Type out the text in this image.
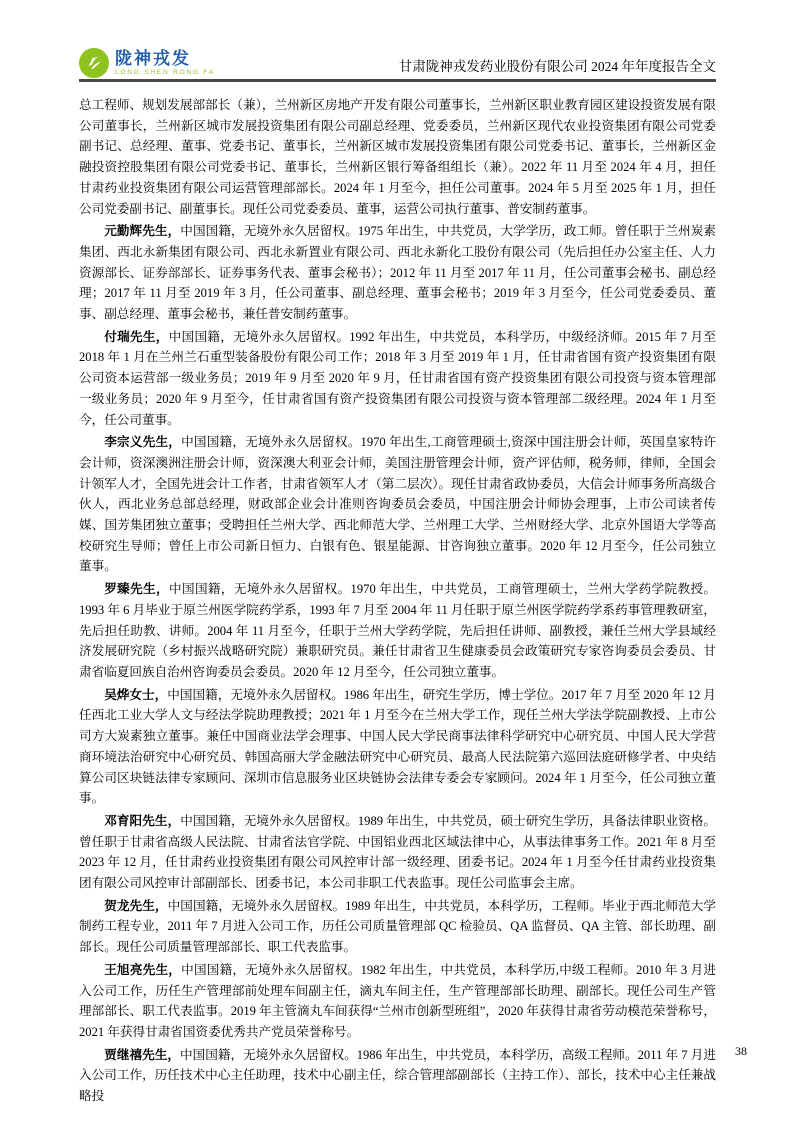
陇神戎发
LONG SHEN RONG FA	甘肃陇神戎发药业股份有限公司 2024 年年度报告全文

总工程师、规划发展部部长（兼），兰州新区房地产开发有限公司董事长，兰州新区职业教育园区建设投资发展有限公司董事长，兰州新区城市发展投资集团有限公司副总经理、党委委员，兰州新区现代农业投资集团有限公司党委副书记、总经理、董事、党委书记、董事长，兰州新区城市发展投资集团有限公司党委书记、董事长，兰州新区金融投资控股集团有限公司党委书记、董事长，兰州新区银行筹备组组长（兼）。2022 年 11 月至 2024 年 4 月，担任甘肃药业投资集团有限公司运营管理部部长。2024 年 1 月至今，担任公司董事。2024 年 5 月至 2025 年 1 月，担任公司党委副书记、副董事长。现任公司党委委员、董事，运营公司执行董事、普安制药董事。

元勤辉先生，中国国籍，无境外永久居留权。1975 年出生，中共党员，大学学历，政工师。曾任职于兰州炭素集团、西北永新集团有限公司、西北永新置业有限公司、西北永新化工股份有限公司（先后担任办公室主任、人力资源部长、证券部部长、证券事务代表、董事会秘书）；2012 年 11 月至 2017 年 11 月，任公司董事会秘书、副总经理；2017 年 11 月至 2019 年 3 月，任公司董事、副总经理、董事会秘书；2019 年 3 月至今，任公司党委委员、董事、副总经理、董事会秘书，兼任普安制药董事。

付瑞先生，中国国籍，无境外永久居留权。1992 年出生，中共党员，本科学历，中级经济师。2015 年 7 月至 2018 年 1 月在兰州兰石重型装备股份有限公司工作；2018 年 3 月至 2019 年 1 月，任甘肃省国有资产投资集团有限公司资本运营部一级业务员；2019 年 9 月至 2020 年 9 月，任甘肃省国有资产投资集团有限公司投资与资本管理部一级业务员；2020 年 9 月至今，任甘肃省国有资产投资集团有限公司投资与资本管理部二级经理。2024 年 1 月至今，任公司董事。

李宗义先生，中国国籍，无境外永久居留权。1970 年出生,工商管理硕士,资深中国注册会计师，英国皇家特许会计师，资深澳洲注册会计师，资深澳大利亚会计师，美国注册管理会计师，资产评估师，税务师，律师，全国会计领军人才，全国先进会计工作者，甘肃省领军人才（第二层次）。现任甘肃省政协委员，大信会计师事务所高级合伙人，西北业务总部总经理，财政部企业会计准则咨询委员会委员，中国注册会计师协会理事，上市公司读者传媒、国芳集团独立董事；受聘担任兰州大学、西北师范大学、兰州理工大学、兰州财经大学、北京外国语大学等高校研究生导师；曾任上市公司新日恒力、白银有色、银星能源、甘咨询独立董事。2020 年 12 月至今，任公司独立董事。

罗臻先生，中国国籍，无境外永久居留权。1970 年出生，中共党员，工商管理硕士，兰州大学药学院教授。1993 年 6 月毕业于原兰州医学院药学系，1993 年 7 月至 2004 年 11 月任职于原兰州医学院药学系药事管理教研室，先后担任助教、讲师。2004 年 11 月至今，任职于兰州大学药学院，先后担任讲师、副教授，兼任兰州大学县域经济发展研究院（乡村振兴战略研究院）兼职研究员。兼任甘肃省卫生健康委员会政策研究专家咨询委员会委员、甘肃省临夏回族自治州咨询委员会委员。2020 年 12 月至今，任公司独立董事。

吴烨女士，中国国籍，无境外永久居留权。1986 年出生，研究生学历，博士学位。2017 年 7 月至 2020 年 12 月任西北工业大学人文与经法学院助理教授；2021 年 1 月至今在兰州大学工作，现任兰州大学法学院副教授、上市公司方大炭素独立董事。兼任中国商业法学会理事、中国人民大学民商事法律科学研究中心研究员、中国人民大学营商环境法治研究中心研究员、韩国高丽大学金融法研究中心研究员、最高人民法院第六巡回法庭研修学者、中央结算公司区块链法律专家顾问、深圳市信息服务业区块链协会法律专委会专家顾问。2024 年 1 月至今，任公司独立董事。

邓育阳先生，中国国籍，无境外永久居留权。1989 年出生，中共党员，硕士研究生学历，具备法律职业资格。曾任职于甘肃省高级人民法院、甘肃省法官学院、中国铝业西北区域法律中心，从事法律事务工作。2021 年 8 月至 2023 年 12 月，任甘肃药业投资集团有限公司风控审计部一级经理、团委书记。2024 年 1 月至今任甘肃药业投资集团有限公司风控审计部副部长、团委书记，本公司非职工代表监事。现任公司监事会主席。

贺龙先生，中国国籍，无境外永久居留权。1989 年出生，中共党员，本科学历，工程师。毕业于西北师范大学制药工程专业，2011 年 7 月进入公司工作，历任公司质量管理部 QC 检验员、QA 监督员、QA 主管、部长助理、副部长。现任公司质量管理部部长、职工代表监事。

王旭亮先生，中国国籍，无境外永久居留权。1982 年出生，中共党员，本科学历,中级工程师。2010 年 3 月进入公司工作，历任生产管理部前处理车间副主任，滴丸车间主任，生产管理部部长助理、副部长。现任公司生产管理部部长、职工代表监事。2019 年主管滴丸车间获得“兰州市创新型班组”，2020 年获得甘肃省劳动模范荣誉称号，2021 年获得甘肃省国资委优秀共产党员荣誉称号。

贾继禧先生，中国国籍，无境外永久居留权。1986 年出生，中共党员，本科学历，高级工程师。2011 年 7 月进入公司工作，历任技术中心主任助理，技术中心副主任，综合管理部副部长（主持工作）、部长，技术中心主任兼战略投

38
